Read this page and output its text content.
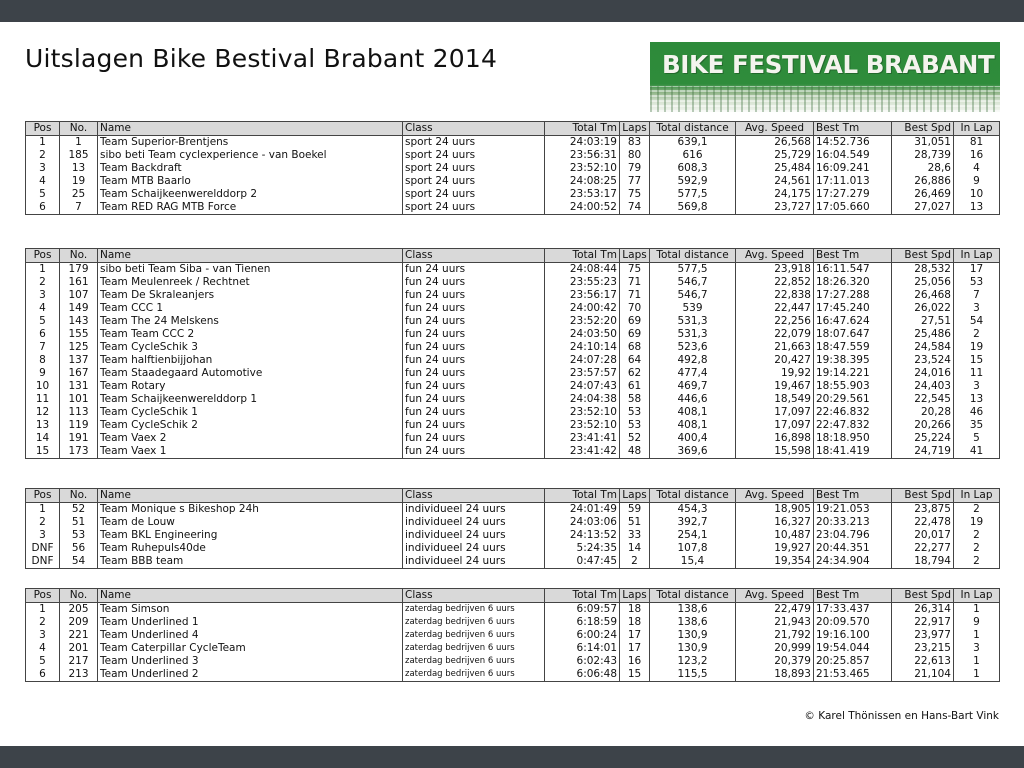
Uitslagen Bike Bestival Brabant 2014	BIKE FESTIVAL BRABANT
Pos	No.	Name	Class	Total Tm	Laps	Total distance	Avg. Speed	Best Tm	Best Spd	In Lap
1	1	Team Superior-Brentjens	sport 24 uurs	24:03:19	83	639,1	26,568	14:52.736	31,051	81
2	185	sibo beti Team cyclexperience - van Boekel	sport 24 uurs	23:56:31	80	616	25,729	16:04.549	28,739	16
3	13	Team Backdraft	sport 24 uurs	23:52:10	79	608,3	25,484	16:09.241	28,6	4
4	19	Team MTB Baarlo	sport 24 uurs	24:08:25	77	592,9	24,561	17:11.013	26,886	9
5	25	Team Schaijkeenwerelddorp 2	sport 24 uurs	23:53:17	75	577,5	24,175	17:27.279	26,469	10
6	7	Team RED RAG MTB Force	sport 24 uurs	24:00:52	74	569,8	23,727	17:05.660	27,027	13
Pos	No.	Name	Class	Total Tm	Laps	Total distance	Avg. Speed	Best Tm	Best Spd	In Lap
1	179	sibo beti Team Siba - van Tienen	fun 24 uurs	24:08:44	75	577,5	23,918	16:11.547	28,532	17
2	161	Team Meulenreek / Rechtnet	fun 24 uurs	23:55:23	71	546,7	22,852	18:26.320	25,056	53
3	107	Team De Skraleanjers	fun 24 uurs	23:56:17	71	546,7	22,838	17:27.288	26,468	7
4	149	Team CCC 1	fun 24 uurs	24:00:42	70	539	22,447	17:45.240	26,022	3
5	143	Team The 24 Melskens	fun 24 uurs	23:52:20	69	531,3	22,256	16:47.624	27,51	54
6	155	Team Team CCC 2	fun 24 uurs	24:03:50	69	531,3	22,079	18:07.647	25,486	2
7	125	Team CycleSchik 3	fun 24 uurs	24:10:14	68	523,6	21,663	18:47.559	24,584	19
8	137	Team halftienbijjohan	fun 24 uurs	24:07:28	64	492,8	20,427	19:38.395	23,524	15
9	167	Team Staadegaard Automotive	fun 24 uurs	23:57:57	62	477,4	19,92	19:14.221	24,016	11
10	131	Team Rotary	fun 24 uurs	24:07:43	61	469,7	19,467	18:55.903	24,403	3
11	101	Team Schaijkeenwerelddorp 1	fun 24 uurs	24:04:38	58	446,6	18,549	20:29.561	22,545	13
12	113	Team CycleSchik 1	fun 24 uurs	23:52:10	53	408,1	17,097	22:46.832	20,28	46
13	119	Team CycleSchik 2	fun 24 uurs	23:52:10	53	408,1	17,097	22:47.832	20,266	35
14	191	Team Vaex 2	fun 24 uurs	23:41:41	52	400,4	16,898	18:18.950	25,224	5
15	173	Team Vaex 1	fun 24 uurs	23:41:42	48	369,6	15,598	18:41.419	24,719	41
Pos	No.	Name	Class	Total Tm	Laps	Total distance	Avg. Speed	Best Tm	Best Spd	In Lap
1	52	Team Monique s Bikeshop 24h	individueel 24 uurs	24:01:49	59	454,3	18,905	19:21.053	23,875	2
2	51	Team de Louw	individueel 24 uurs	24:03:06	51	392,7	16,327	20:33.213	22,478	19
3	53	Team BKL Engineering	individueel 24 uurs	24:13:52	33	254,1	10,487	23:04.796	20,017	2
DNF	56	Team Ruhepuls40de	individueel 24 uurs	5:24:35	14	107,8	19,927	20:44.351	22,277	2
DNF	54	Team BBB team	individueel 24 uurs	0:47:45	2	15,4	19,354	24:34.904	18,794	2
Pos	No.	Name	Class	Total Tm	Laps	Total distance	Avg. Speed	Best Tm	Best Spd	In Lap
1	205	Team Simson	zaterdag bedrijven 6 uurs	6:09:57	18	138,6	22,479	17:33.437	26,314	1
2	209	Team Underlined 1	zaterdag bedrijven 6 uurs	6:18:59	18	138,6	21,943	20:09.570	22,917	9
3	221	Team Underlined 4	zaterdag bedrijven 6 uurs	6:00:24	17	130,9	21,792	19:16.100	23,977	1
4	201	Team Caterpillar CycleTeam	zaterdag bedrijven 6 uurs	6:14:01	17	130,9	20,999	19:54.044	23,215	3
5	217	Team Underlined 3	zaterdag bedrijven 6 uurs	6:02:43	16	123,2	20,379	20:25.857	22,613	1
6	213	Team Underlined 2	zaterdag bedrijven 6 uurs	6:06:48	15	115,5	18,893	21:53.465	21,104	1
© Karel Thönissen en Hans-Bart Vink
